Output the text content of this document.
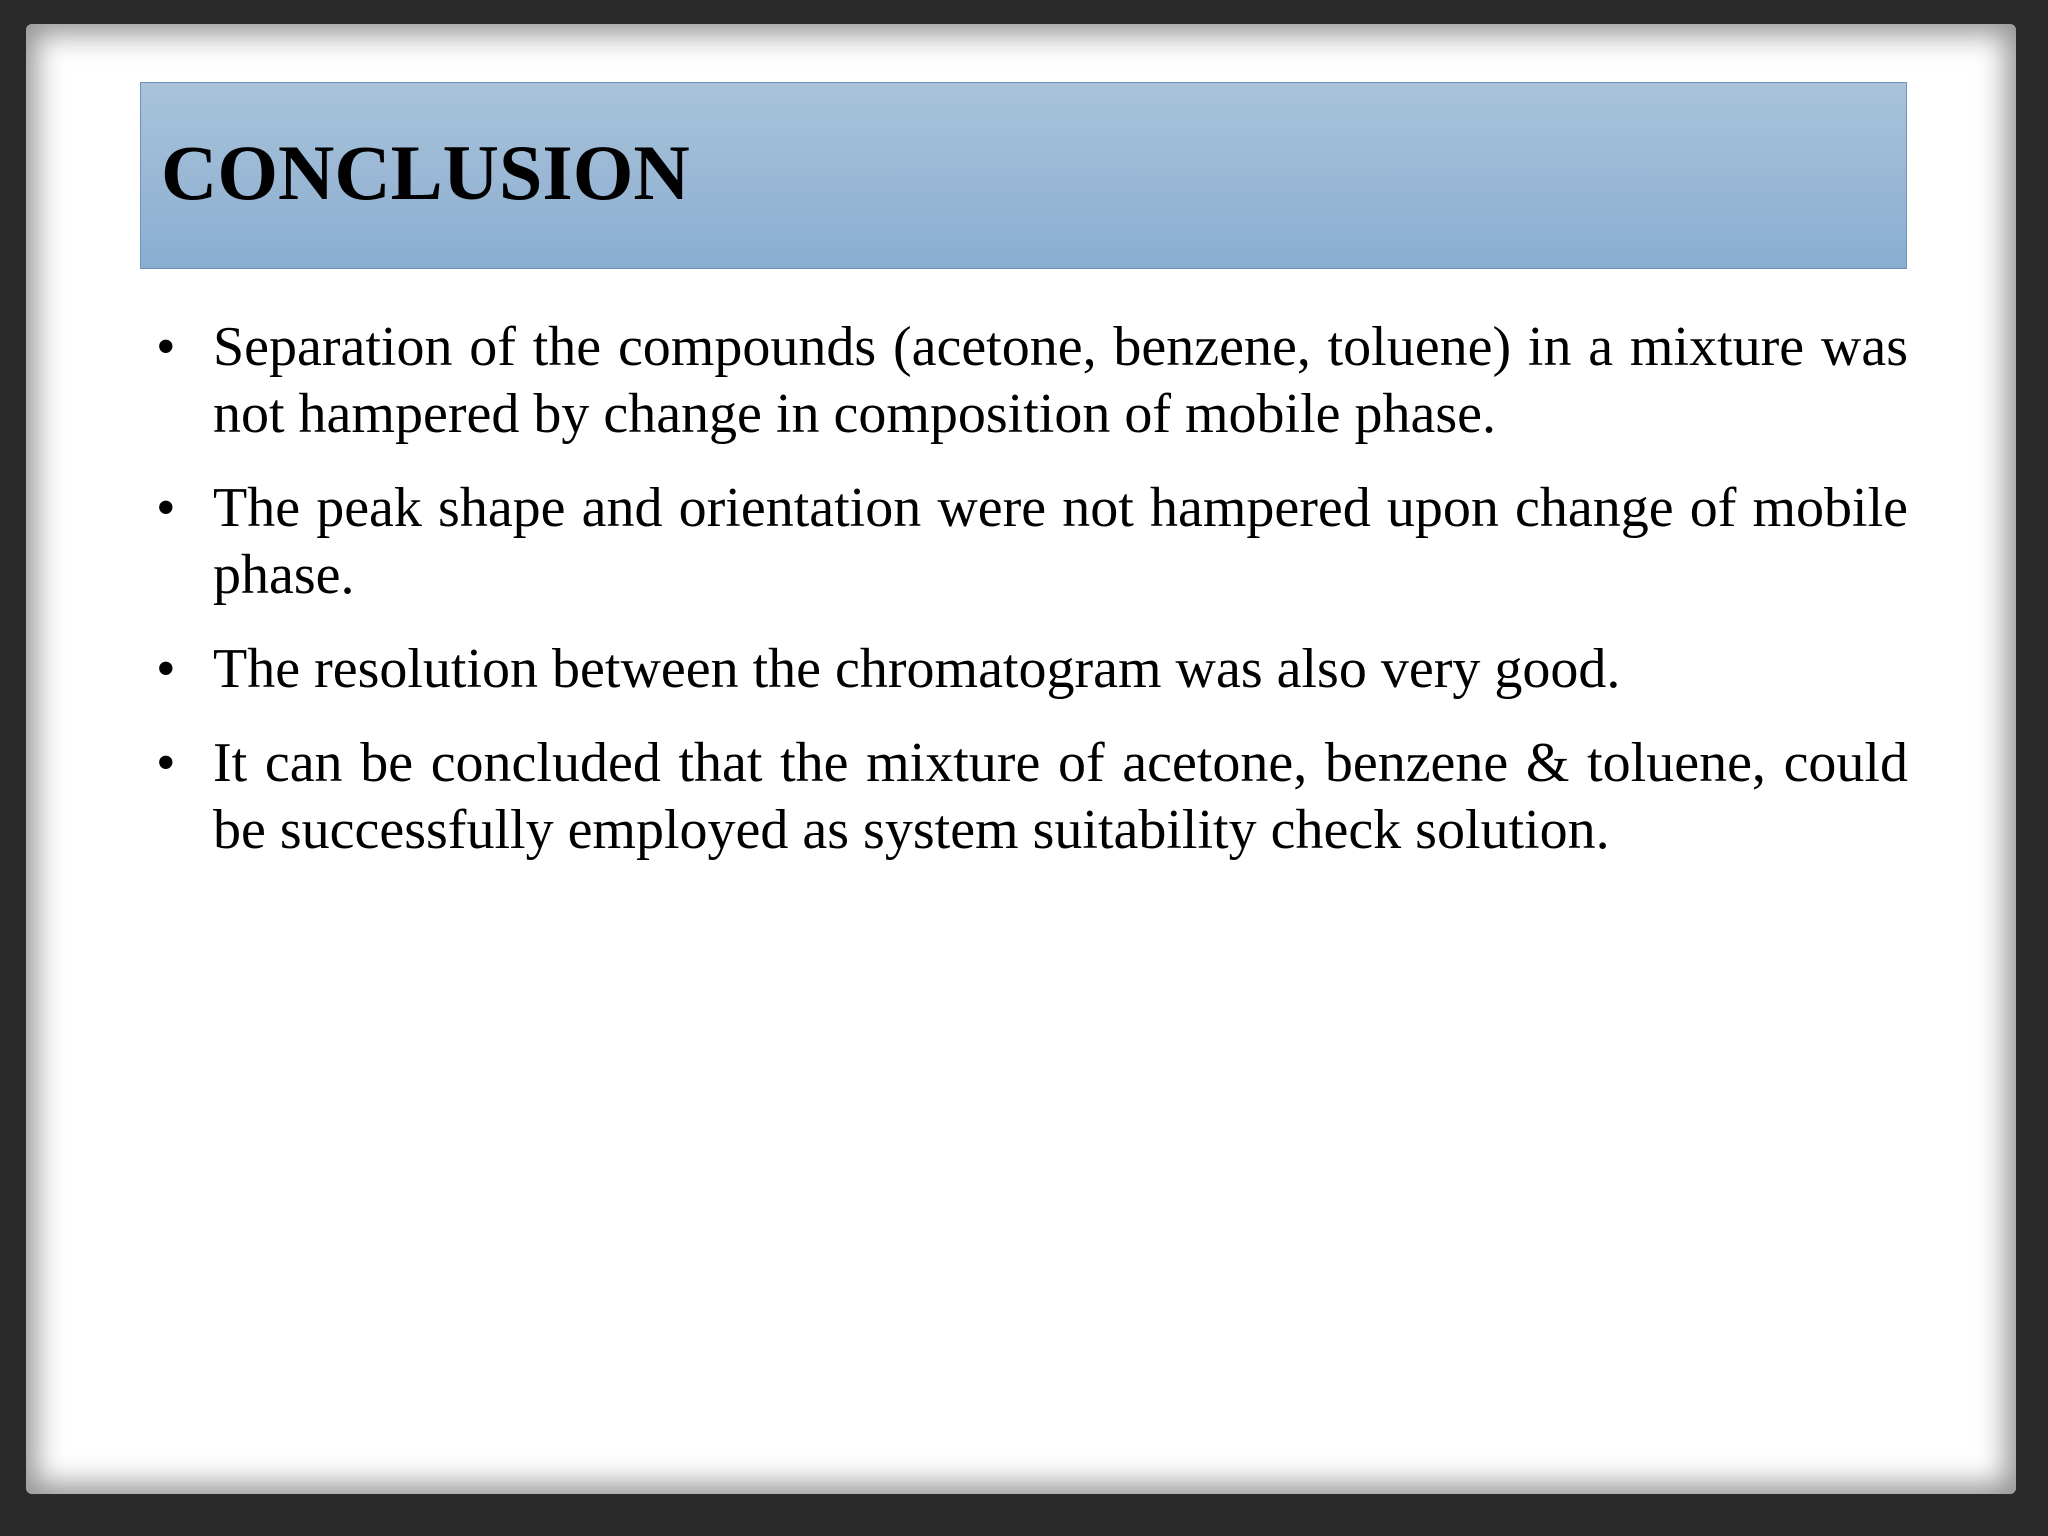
CONCLUSION
• Separation of the compounds (acetone, benzene, toluene) in a mixture was not hampered by change in composition of mobile phase.
• The peak shape and orientation were not hampered upon change of mobile phase.
• The resolution between the chromatogram was also very good.
• It can be concluded that the mixture of acetone, benzene & toluene, could be successfully employed as system suitability check solution.
